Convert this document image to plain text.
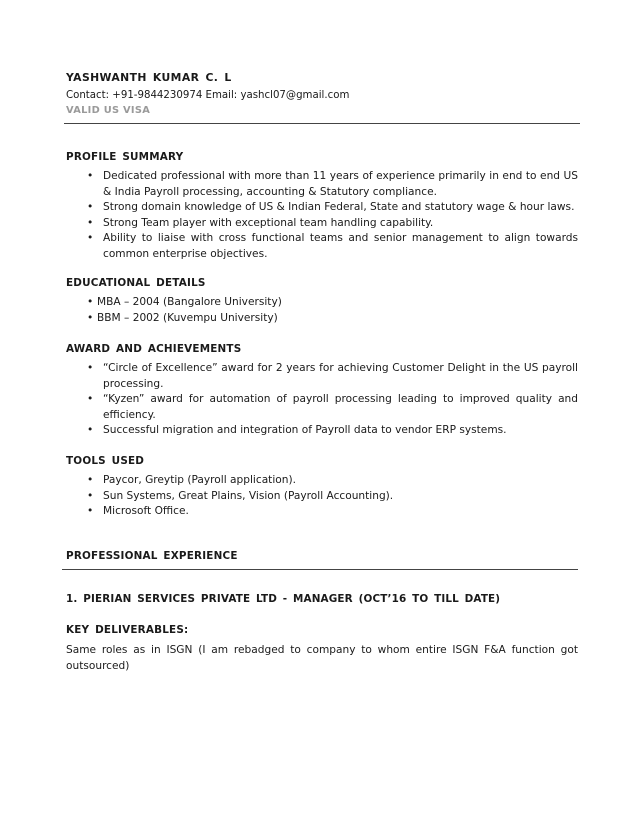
YASHWANTH KUMAR C. L
Contact: +91-9844230974 Email: yashcl07@gmail.com
VALID US VISA
PROFILE SUMMARY
• Dedicated professional with more than 11 years of experience primarily in end to end US & India Payroll processing, accounting & Statutory compliance.
• Strong domain knowledge of US & Indian Federal, State and statutory wage & hour laws.
• Strong Team player with exceptional team handling capability.
• Ability to liaise with cross functional teams and senior management to align towards common enterprise objectives.
EDUCATIONAL DETAILS
• MBA – 2004 (Bangalore University)
• BBM – 2002 (Kuvempu University)
AWARD AND ACHIEVEMENTS
• “Circle of Excellence” award for 2 years for achieving Customer Delight in the US payroll processing.
• “Kyzen” award for automation of payroll processing leading to improved quality and efficiency.
• Successful migration and integration of Payroll data to vendor ERP systems.
TOOLS USED
• Paycor, Greytip (Payroll application).
• Sun Systems, Great Plains, Vision (Payroll Accounting).
• Microsoft Office.
PROFESSIONAL EXPERIENCE
1. PIERIAN SERVICES PRIVATE LTD - MANAGER (OCT’16 TO TILL DATE)
KEY DELIVERABLES:
Same roles as in ISGN (I am rebadged to company to whom entire ISGN F&A function got outsourced)
